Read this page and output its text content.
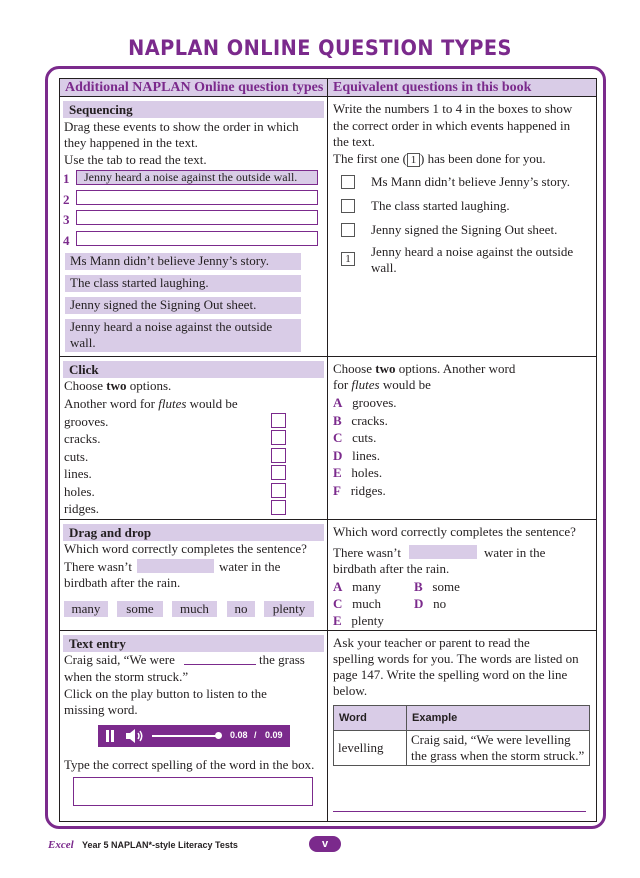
NAPLAN ONLINE QUESTION TYPES
Additional NAPLAN Online question types Equivalent questions in this book
Sequencing
Drag these events to show the order in which
they happened in the text.
Use the tab to read the text.
1
2
3
4
Jenny heard a noise against the outside wall.
Ms Mann didn’t believe Jenny’s story.
The class started laughing.
Jenny signed the Signing Out sheet.
Jenny heard a noise against the outside
wall.
Write the numbers 1 to 4 in the boxes to show
the correct order in which events happened in
the text.
The first one ( 1 ) has been done for you.
1
Ms Mann didn’t believe Jenny’s story.
The class started laughing.
Jenny signed the Signing Out sheet.
Jenny heard a noise against the outside
wall.
Click
Choose two options.
Another word for flutes would be
grooves.
cracks.
cuts.
lines.
holes.
ridges.
Choose two options. Another word
for flutes would be
A grooves.
B cracks.
C cuts.
D lines.
E holes.
F ridges.
Drag and drop
Which word correctly completes the sentence?
There wasn’t	water in the
birdbath after the rain.
many	some	much	no	plenty
Which word correctly completes the sentence?
There wasn’t	water in the
birdbath after the rain.
A many	B some
C much	D no
E plenty
Text entry
Craig said, “We were	the grass
when the storm struck.”
Click on the play button to listen to the
missing word.
0.08 / 0.09
Type the correct spelling of the word in the box.
Ask your teacher or parent to read the
spelling words for you. The words are listed on
page 147. Write the spelling word on the line
below.
Word	Example
levelling	Craig said, “We were levelling the grass when the storm struck.”
Excel Year 5 NAPLAN*-style Literacy Tests	v
